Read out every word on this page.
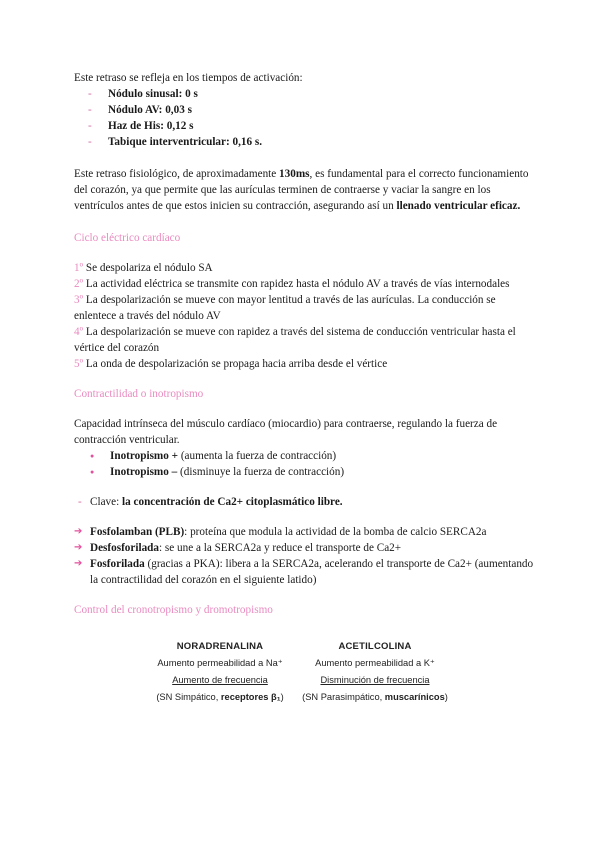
Este retraso se refleja en los tiempos de activación:

- Nódulo sinusal: 0 s
- Nódulo AV: 0,03 s
- Haz de His: 0,12 s
- Tabique interventricular: 0,16 s.

Este retraso fisiológico, de aproximadamente 130ms, es fundamental para el correcto funcionamiento del corazón, ya que permite que las aurículas terminen de contraerse y vaciar la sangre en los ventrículos antes de que estos inicien su contracción, asegurando así un llenado ventricular eficaz.

Ciclo eléctrico cardíaco

1º Se despolariza el nódulo SA

2º La actividad eléctrica se transmite con rapidez hasta el nódulo AV a través de vías internodales

3º La despolarización se mueve con mayor lentitud a través de las aurículas. La conducción se enlentece a través del nódulo AV

4º La despolarización se mueve con rapidez a través del sistema de conducción ventricular hasta el vértice del corazón

5º La onda de despolarización se propaga hacia arriba desde el vértice

Contractilidad o inotropismo

Capacidad intrínseca del músculo cardíaco (miocardio) para contraerse, regulando la fuerza de contracción ventricular.

● Inotropismo + (aumenta la fuerza de contracción)
● Inotropismo – (disminuye la fuerza de contracción)

- Clave: la concentración de Ca2+ citoplasmático libre.

➔ Fosfolamban (PLB): proteína que modula la actividad de la bomba de calcio SERCA2a
➔ Desfosforilada: se une a la SERCA2a y reduce el transporte de Ca2+
➔ Fosforilada (gracias a PKA): libera a la SERCA2a, acelerando el transporte de Ca2+ (aumentando la contractilidad del corazón en el siguiente latido)

Control del cronotropismo y dromotropismo

NORADRENALINA
Aumento permeabilidad a Na⁺
Aumento de frecuencia
(SN Simpático, receptores β₁)
ACETILCOLINA
Aumento permeabilidad a K⁺
Disminución de frecuencia
(SN Parasimpático, muscarínicos)
